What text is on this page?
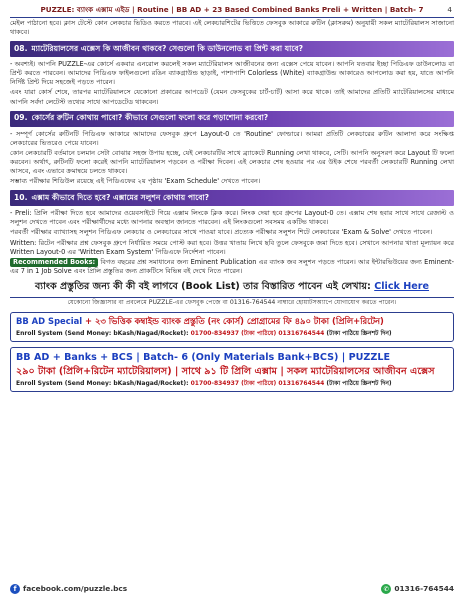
PUZZLE: ব্যাংক এক্সাম এইড | Routine | BB AD + 23 Based Combined Banks Preli + Written | Batch- 7	4

মেইল পাঠানো হবে। ক্লাস টেস্টে কোন লেকচার ভিডিও করতে পারবে। এই লেকচারশিটের ভিত্তিতে ফেসবুক আকারে রুটিন (ক্লাসরুম) অনুযায়ী সকল ম্যাটেরিয়ালস সাজানো থাকবে।

08. ম্যাটেরিয়ালসের এক্সেস কি আজীবন থাকবে? সেগুলো কি ডাউনলোড বা প্রিন্ট করা যাবে?

- অবশ্যই। আপনি PUZZLE-এর কোর্সে একবার এনরোল করলেই সকল ম্যাটেরিয়ালস আজীবনের জন্য এক্সেস পেয়ে যাবেন। আপনি যতবার ইচ্ছা পিডিএফ ডাউনলোড বা প্রিন্ট করতে পারবেন। আমাদের পিডিএফ ফাইলগুলো রঙিন ব্যাকগ্রাউন্ড ছাড়াই, পাশাপাশি Colorless (White) ব্যাকগ্রাউন্ড আকারেও আপলোড করা হয়, যাতে আপনি নির্দিষ্ট প্রিন্ট দিয়ে সহজেই পড়তে পারেন।

এবং যারা কোর্স শেষে, তারপর ম্যাটেরিয়ালসে যেকোনো প্রকারের আপডেট (যেমন ফেসবুকের চার্ট-চার্ট) আসা করে থাকে। তাই আমাদের প্রতিটি ম্যাটেরিয়ালসের মাধ্যমে আপনি সর্বদা লেটেস্ট তথ্যের সাথে আপডেটেড থাকবেন।

09. কোর্সের রুটিন কোথায় পাবো? কীভাবে সেগুলো ফলো করে পড়াশোনা করবো?

- সম্পূর্ণ কোর্সের রুটিনটি পিডিএফ আকারে আমাদের ফেসবুক গ্রুপে Layout-0 তে 'Routine' ফোল্ডারে। আমরা প্রতিটি লেকচারের রুটিন আলাদা করে সংক্ষিপ্ত লেকচারের ভিতরেও পেয়ে যাবেন।

কোন লেকচারটি বর্তমানে চলমান সেটা বোঝার সহজ উপায় হচ্ছে, যেই লেকচারটির সাথে ব্র্যাকেটে Running লেখা থাকবে, সেটি। আপনি অনুসরণ করে Layout টি ফলো করবেন। অর্থাৎ, রুটিনটি ফলো করেই আপনি ম্যাটেরিয়ালস পড়বেন ও পরীক্ষা দিবেন। এই লেকচার শেষ হওয়ার পর এর উইক শেষে পরবর্তী লেকচারটি Running লেখা আসবে, এবং এভাবে ক্রমান্বয়ে চলতে থাকবে।

সম্ভাব্য পরীক্ষার শিডিউল রয়েছে এই পিডিএফের ২য় পৃষ্ঠায় 'Exam Schedule' দেখতে পাবেন।

10. এক্সাম কীভাবে দিতে হবে? এক্সামের সলুশন কোথায় পাবো?

- Preli: প্রিলি পরীক্ষা দিতে হবে আমাদের ওয়েবসাইটে গিয়ে এক্সাম লিংকে ক্লিক করে। লিংক দেয়া হবে গ্রুপের Layout-0 তে। এক্সাম শেষ হবার সাথে সাথে রেজাল্ট ও সলুশন দেখতে পাবেন এবং পরীক্ষার্থীদের মধ্যে আপনার অবস্থান জানতে পারবেন। এই লিংকগুলো সবসময় একটিভ থাকবে।

পরবর্তী পরীক্ষার ব্যাখ্যাসহ সলুশন পিডিএফ লেকচার ও লেকচারের সাথে পাওয়া যাবে। প্রত্যেক পরীক্ষার সলুশন শিটে লেকচারের 'Exam & Solve' দেখতে পাবেন।

Written: রিটেন পরীক্ষার প্রশ্ন ফেসবুক গ্রুপে নির্ধারিত সময়ে পোস্ট করা হবে। উত্তর খাতায় লিখে ছবি তুলে ফেসবুকে জমা দিতে হবে। সেখানে আপনার খাতা মূল্যায়ন করে Written Layout-0 এর 'Written Exam System' পিডিএফে নির্দেশনা পাবেন।

Recommended Books: বিগত বছরের প্রশ্ন সমাধানের জন্য Eminent Publication এর ব্যাংক জব সলুশন পড়তে পারেন। আর ইন্টারভিউয়ের জন্য Eminent-এর 7 in 1 Job Solve এবং প্রিলি প্রস্তুতির জন্য প্রাকটিসে বিভিন্ন বই দেখে নিতে পারেন।

ব্যাংক প্রস্তুতির জন্য কী কী বই লাগবে (Book List) তার বিস্তারিত পাবেন এই লেখায়: Click Here
যেকোনো জিজ্ঞাসার বা প্রবলেমে PUZZLE-এর ফেসবুক পেজে বা 01316-764544 নাম্বারে হোয়াটসঅ্যাপে যোগাযোগ করতে পারেন।
BB AD Special + ২৩ ভিত্তিক কম্বাইন্ড ব্যাংক প্রস্তুতি (নং কোর্স) প্রোগ্রামের ফি ৪৯০ টাকা (প্রিলি+রিটেন)
Enroll System (Send Money: bKash/Nagad/Rocket): 01700-834937 (টাকা পাঠিয়ে) 01316764544 (টাকা পাঠিয়ে স্ক্রিনশট দিন)
BB AD + Banks + BCS | Batch- 6 (Only Materials Bank+BCS) | PUZZLE
২৯০ টাকা (প্রিলি+রিটেন ম্যাটেরিয়ালস) | সাথে ৯১ টি প্রিলি এক্সাম | সকল ম্যাটেরিয়ালসের আজীবন এক্সেস
Enroll System (Send Money: bKash/Nagad/Rocket): 01700-834937 (টাকা পাঠিয়ে) 01316764544 (টাকা পাঠিয়ে স্ক্রিনশট দিন)
f facebook.com/puzzle.bcs	✆ 01316-764544
